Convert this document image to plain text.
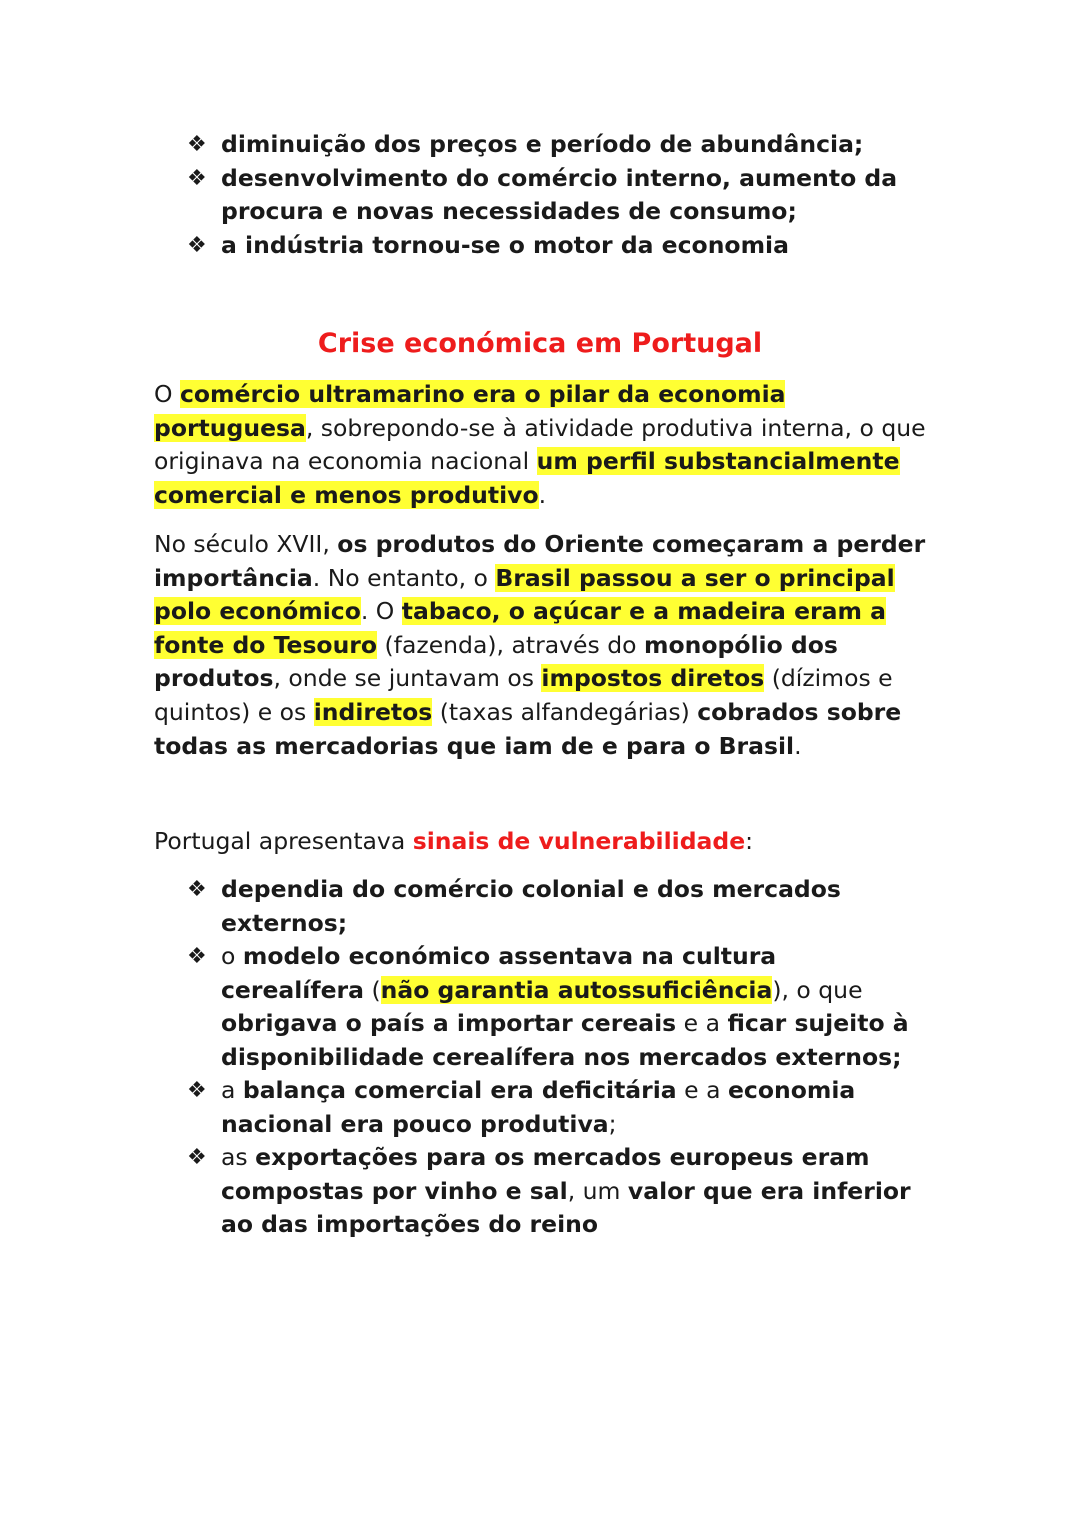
❖ diminuição dos preços e período de abundância;
❖ desenvolvimento do comércio interno, aumento da procura e novas necessidades de consumo;
❖ a indústria tornou-se o motor da economia
Crise económica em Portugal

O comércio ultramarino era o pilar da economia portuguesa, sobrepondo-se à atividade produtiva interna, o que originava na economia nacional um perfil substancialmente comercial e menos produtivo.

No século XVII, os produtos do Oriente começaram a perder importância. No entanto, o Brasil passou a ser o principal polo económico. O tabaco, o açúcar e a madeira eram a fonte do Tesouro (fazenda), através do monopólio dos produtos, onde se juntavam os impostos diretos (dízimos e quintos) e os indiretos (taxas alfandegárias) cobrados sobre todas as mercadorias que iam de e para o Brasil.

Portugal apresentava sinais de vulnerabilidade:

❖ dependia do comércio colonial e dos mercados externos;
❖ o modelo económico assentava na cultura cerealífera (não garantia autossuficiência), o que obrigava o país a importar cereais e a ficar sujeito à disponibilidade cerealífera nos mercados externos;
❖ a balança comercial era deficitária e a economia nacional era pouco produtiva;
❖ as exportações para os mercados europeus eram compostas por vinho e sal, um valor que era inferior ao das importações do reino
